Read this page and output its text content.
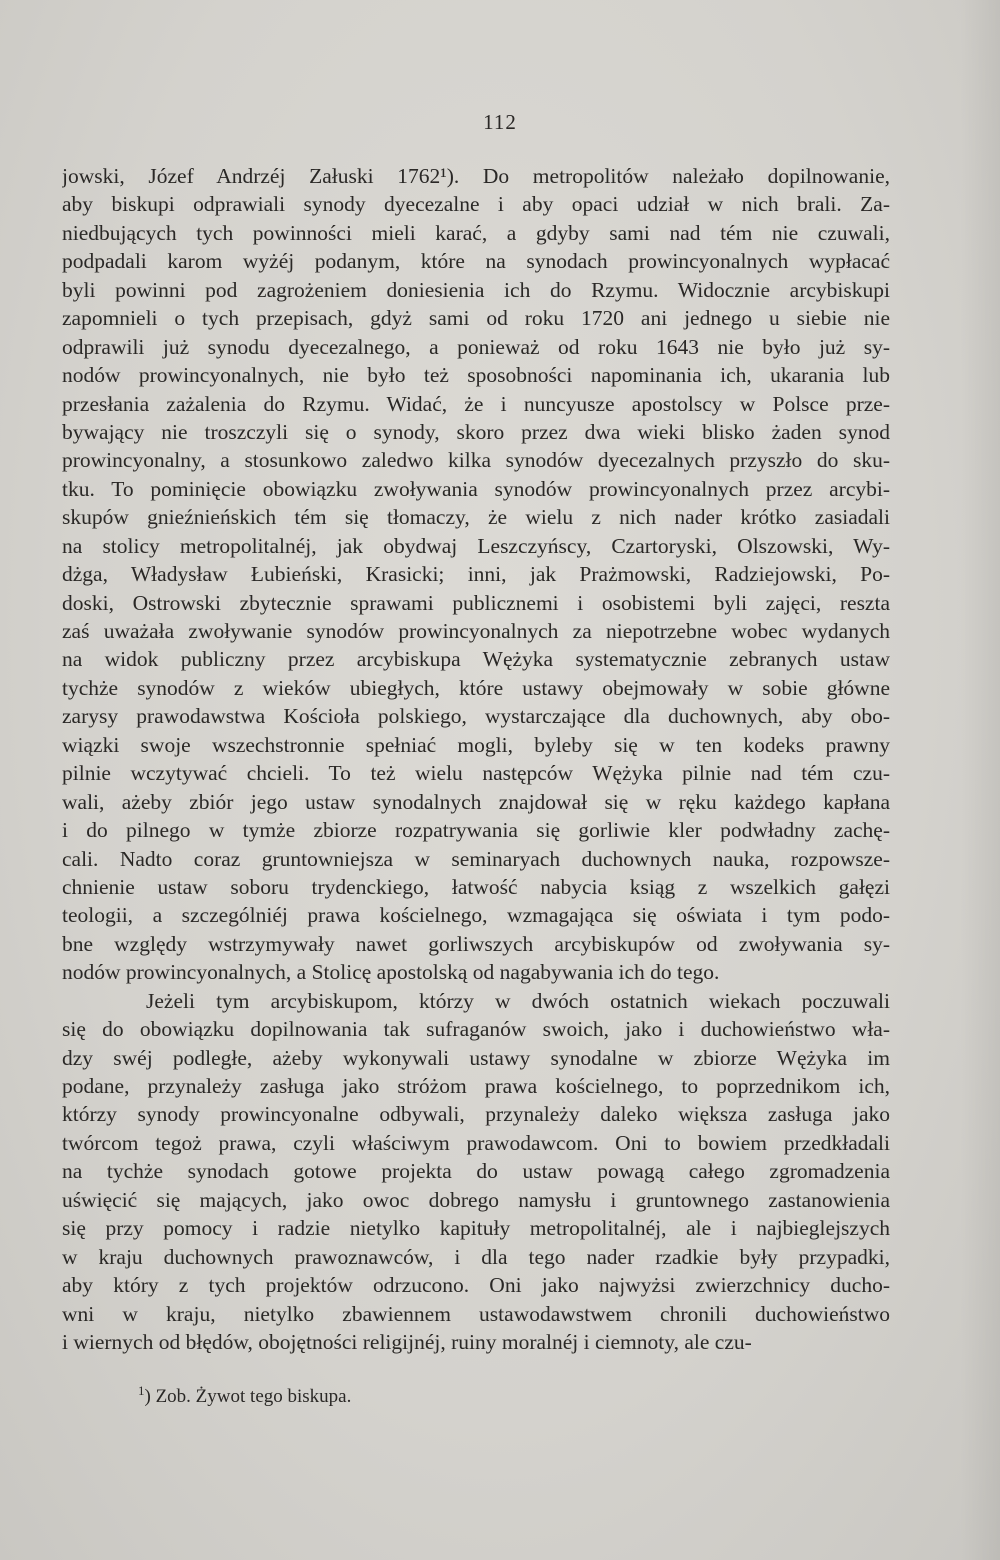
112
jowski, Józef Andrzéj Załuski 1762¹). Do metropolitów należało dopilnowanie,
aby biskupi odprawiali synody dyecezalne i aby opaci udział w nich brali. Za-
niedbujących tych powinności mieli karać, a gdyby sami nad tém nie czuwali,
podpadali karom wyżéj podanym, które na synodach prowincyonalnych wypłacać
byli powinni pod zagrożeniem doniesienia ich do Rzymu. Widocznie arcybiskupi
zapomnieli o tych przepisach, gdyż sami od roku 1720 ani jednego u siebie nie
odprawili już synodu dyecezalnego, a ponieważ od roku 1643 nie było już sy-
nodów prowincyonalnych, nie było też sposobności napominania ich, ukarania lub
przesłania zażalenia do Rzymu. Widać, że i nuncyusze apostolscy w Polsce prze-
bywający nie troszczyli się o synody, skoro przez dwa wieki blisko żaden synod
prowincyonalny, a stosunkowo zaledwo kilka synodów dyecezalnych przyszło do sku-
tku. To pominięcie obowiązku zwoływania synodów prowincyonalnych przez arcybi-
skupów gnieźnieńskich tém się tłomaczy, że wielu z nich nader krótko zasiadali
na stolicy metropolitalnéj, jak obydwaj Leszczyńscy, Czartoryski, Olszowski, Wy-
dżga, Władysław Łubieński, Krasicki; inni, jak Prażmowski, Radziejowski, Po-
doski, Ostrowski zbytecznie sprawami publicznemi i osobistemi byli zajęci, reszta
zaś uważała zwoływanie synodów prowincyonalnych za niepotrzebne wobec wydanych
na widok publiczny przez arcybiskupa Wężyka systematycznie zebranych ustaw
tychże synodów z wieków ubiegłych, które ustawy obejmowały w sobie główne
zarysy prawodawstwa Kościoła polskiego, wystarczające dla duchownych, aby obo-
wiązki swoje wszechstronnie spełniać mogli, byleby się w ten kodeks prawny
pilnie wczytywać chcieli. To też wielu następców Wężyka pilnie nad tém czu-
wali, ażeby zbiór jego ustaw synodalnych znajdował się w ręku każdego kapłana
i do pilnego w tymże zbiorze rozpatrywania się gorliwie kler podwładny zachę-
cali. Nadto coraz gruntowniejsza w seminaryach duchownych nauka, rozpowsze-
chnienie ustaw soboru trydenckiego, łatwość nabycia ksiąg z wszelkich gałęzi
teologii, a szczególniéj prawa kościelnego, wzmagająca się oświata i tym podo-
bne względy wstrzymywały nawet gorliwszych arcybiskupów od zwoływania sy-
nodów prowincyonalnych, a Stolicę apostolską od nagabywania ich do tego.
Jeżeli tym arcybiskupom, którzy w dwóch ostatnich wiekach poczuwali
się do obowiązku dopilnowania tak sufraganów swoich, jako i duchowieństwo wła-
dzy swéj podległe, ażeby wykonywali ustawy synodalne w zbiorze Wężyka im
podane, przynależy zasługa jako stróżom prawa kościelnego, to poprzednikom ich,
którzy synody prowincyonalne odbywali, przynależy daleko większa zasługa jako
twórcom tegoż prawa, czyli właściwym prawodawcom. Oni to bowiem przedkładali
na tychże synodach gotowe projekta do ustaw powagą całego zgromadzenia
uświęcić się mających, jako owoc dobrego namysłu i gruntownego zastanowienia
się przy pomocy i radzie nietylko kapituły metropolitalnéj, ale i najbieglejszych
w kraju duchownych prawoznawców, i dla tego nader rzadkie były przypadki,
aby który z tych projektów odrzucono. Oni jako najwyżsi zwierzchnicy ducho-
wni w kraju, nietylko zbawiennem ustawodawstwem chronili duchowieństwo
i wiernych od błędów, obojętności religijnéj, ruiny moralnéj i ciemnoty, ale czu-
$^1$) Zob. Żywot tego biskupa.
